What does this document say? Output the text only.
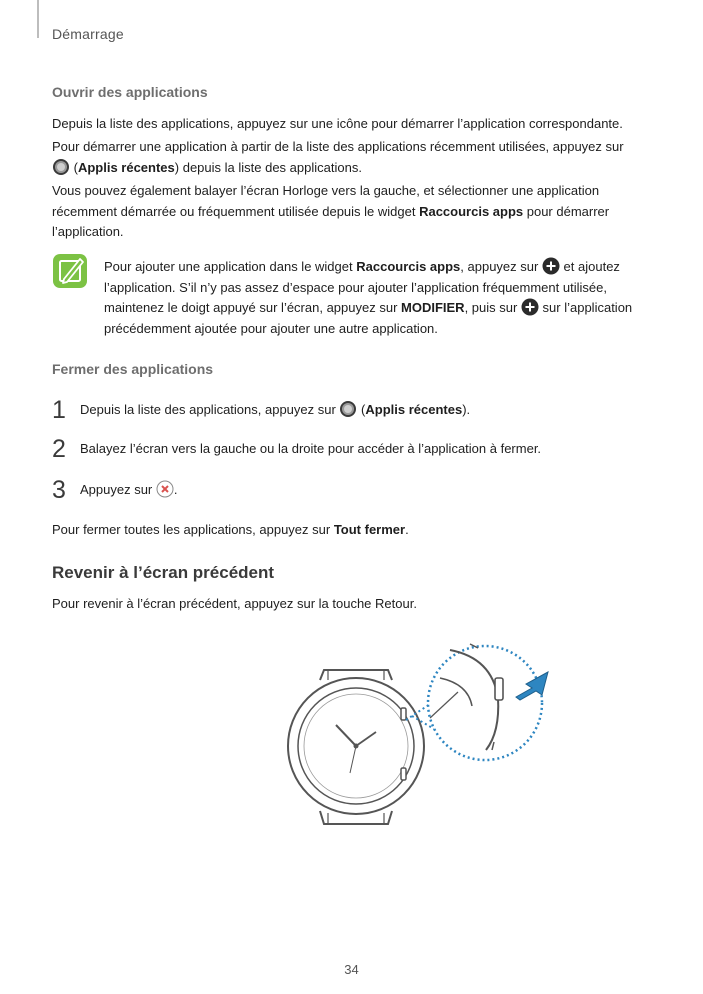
Démarrage
Ouvrir des applications
Depuis la liste des applications, appuyez sur une icône pour démarrer l’application correspondante.
Pour démarrer une application à partir de la liste des applications récemment utilisées, appuyez sur

(Applis récentes) depuis la liste des applications.
Vous pouvez également balayer l’écran Horloge vers la gauche, et sélectionner une application récemment démarrée ou fréquemment utilisée depuis le widget Raccourcis apps pour démarrer l’application.
Pour ajouter une application dans le widget Raccourcis apps, appuyez sur
et ajoutez l’application. S’il n’y pas assez d’espace pour ajouter l’application fréquemment utilisée, maintenez le doigt appuyé sur l’écran, appuyez sur MODIFIER, puis sur
sur l’application précédemment ajoutée pour ajouter une autre application.
Fermer des applications
1 Depuis la liste des applications, appuyez sur
(Applis récentes).
2 Balayez l’écran vers la gauche ou la droite pour accéder à l’application à fermer.
3 Appuyez sur
.
Pour fermer toutes les applications, appuyez sur Tout fermer.
Revenir à l’écran précédent
Pour revenir à l’écran précédent, appuyez sur la touche Retour.
34
